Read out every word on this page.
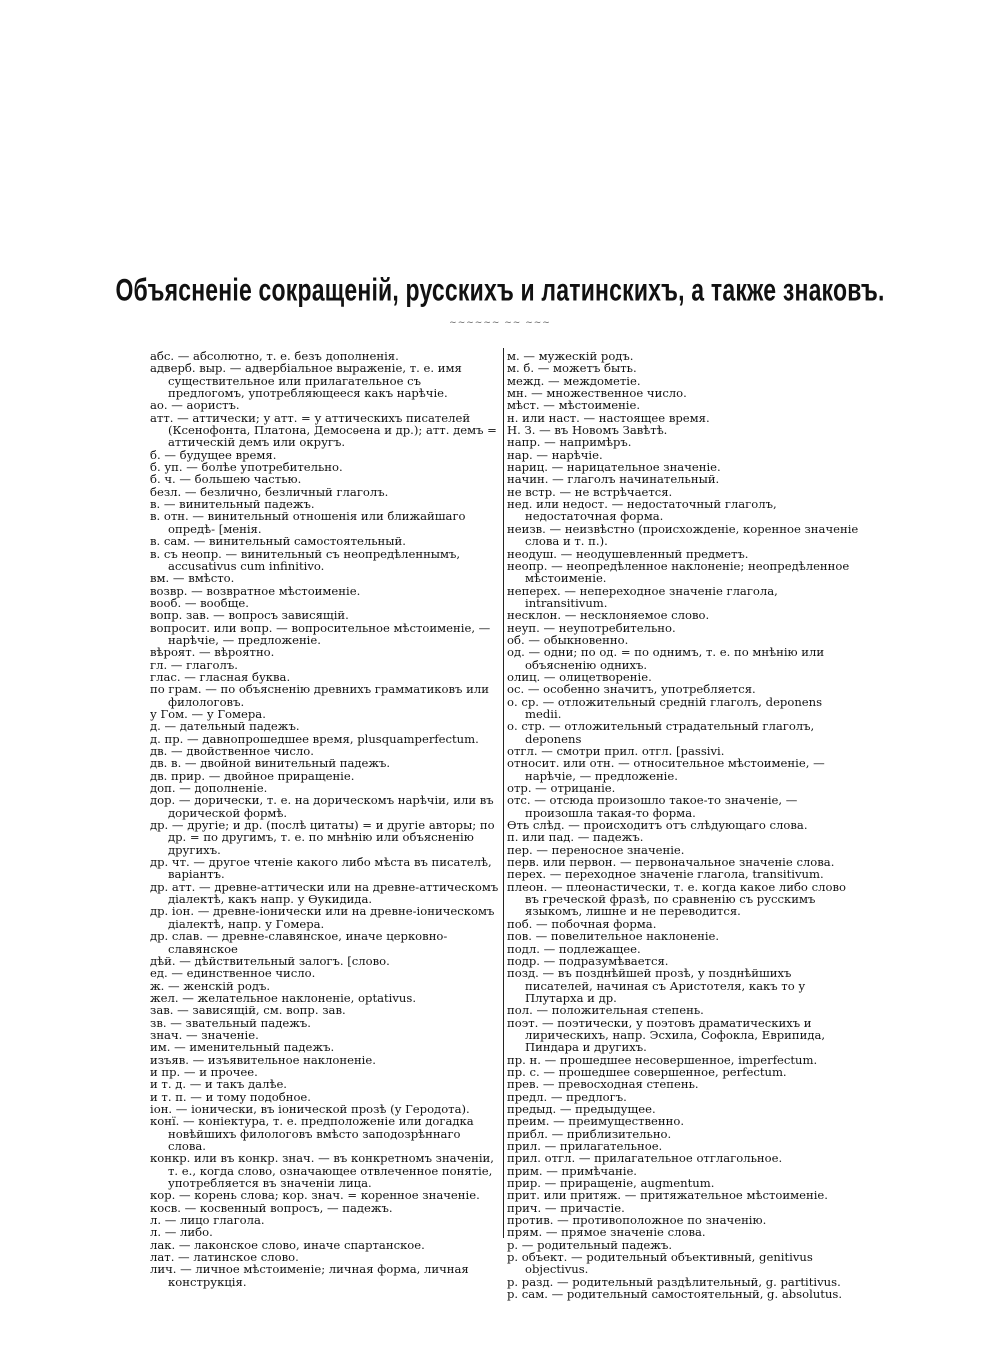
Объясненіе сокращеній, русскихъ и латинскихъ, а также знаковъ.
~~~~~~ ~~ ~~~
абс. — абсолютно, т. е. безъ дополненія.
адверб. выр. — адвербіальное выраженіе, т. е. имя существительное или прилагательное съ предлогомъ, употребляющееся какъ нарѣчіе.
ао. — аористъ.
атт. — аттически; у атт. = у аттическихъ писателей (Ксенофонта, Платона, Демосѳена и др.); атт. демъ = аттическій демъ или округъ.
б. — будущее время.
б. уп. — болѣе употребительно.
б. ч. — большею частью.
безл. — безлично, безличный глаголъ.
в. — винительный падежъ.
в. отн. — винительный отношенія или ближайшаго опредѣ- [менія.
в. сам. — винительный самостоятельный.
в. съ неопр. — винительный съ неопредѣленнымъ, accusativus cum infinitivo.
вм. — вмѣсто.
возвр. — возвратное мѣстоименіе.
вооб. — вообще.
вопр. зав. — вопросъ зависящій.
вопросит. или вопр. — вопросительное мѣстоименіе, — нарѣчіе, — предложеніе.
вѣроят. — вѣроятно.
гл. — глаголъ.
глас. — гласная буква.
по грам. — по объясненію древнихъ грамматиковъ или филологовъ.
у Гом. — у Гомера.
д. — дательный падежъ.
д. пр. — давнопрошедшее время, plusquamperfectum.
дв. — двойственное число.
дв. в. — двойной винительный падежъ.
дв. прир. — двойное приращеніе.
доп. — дополненіе.
дор. — дорически, т. е. на дорическомъ нарѣчіи, или въ дорической формѣ.
др. — другіе; и др. (послѣ цитаты) = и другіе авторы; по др. = по другимъ, т. е. по мнѣнію или объясненію другихъ.
др. чт. — другое чтеніе какого либо мѣста въ писателѣ, варіантъ.
др. атт. — древне-аттически или на древне-аттическомъ діалектѣ, какъ напр. у Ѳукидида.
др. іон. — древне-іонически или на древне-іоническомъ діалектѣ, напр. у Гомера.
др. слав. — древне-славянское, иначе церковно-славянское
дѣй. — дѣйствительный залогъ. [слово.
ед. — единственное число.
ж. — женскій родъ.
жел. — желательное наклоненіе, optativus.
зав. — зависящій, см. вопр. зав.
зв. — звательный падежъ.
знач. — значеніе.
им. — именительный падежъ.
изъяв. — изъявительное наклоненіе.
и пр. — и прочее.
и т. д. — и такъ далѣе.
и т. п. — и тому подобное.
іон. — іонически, въ іонической прозѣ (у Геродота).
конї. — коніектура, т. е. предположеніе или догадка новѣйшихъ филологовъ вмѣсто заподозрѣннаго слова.
конкр. или въ конкр. знач. — въ конкретномъ значеніи, т. е., когда слово, означающее отвлеченное понятіе, употребляется въ значеніи лица.
кор. — корень слова; кор. знач. = коренное значеніе.
косв. — косвенный вопросъ, — падежъ.
л. — лицо глагола.
л. — либо.
лак. — лаконское слово, иначе спартанское.
лат. — латинское слово.
лич. — личное мѣстоименіе; личная форма, личная конструкція.
м. — мужескій родъ.
м. б. — можетъ быть.
межд. — междометіе.
мн. — множественное число.
мѣст. — мѣстоименіе.
н. или наст. — настоящее время.
Н. З. — въ Новомъ Завѣтѣ.
напр. — напримѣръ.
нар. — нарѣчіе.
нариц. — нарицательное значеніе.
начин. — глаголъ начинательный.
не встр. — не встрѣчается.
нед. или недост. — недостаточный глаголъ, недостаточная форма.
неизв. — неизвѣстно (происхожденіе, коренное значеніе слова и т. п.).
неодуш. — неодушевленный предметъ.
неопр. — неопредѣленное наклоненіе; неопредѣленное мѣстоименіе.
неперех. — непереходное значеніе глагола, intransitivum.
несклон. — несклоняемое слово.
неуп. — неупотребительно.
об. — обыкновенно.
од. — одни; по од. = по однимъ, т. е. по мнѣнію или объясненію однихъ.
олиц. — олицетвореніе.
ос. — особенно значитъ, употребляется.
о. ср. — отложительный средній глаголъ, deponens medii.
о. стр. — отложительный страдательный глаголъ, deponens
отгл. — смотри прил. отгл. [passivi.
относит. или отн. — относительное мѣстоименіе, — нарѣчіе, — предложеніе.
отр. — отрицаніе.
отс. — отсюда произошло такое-то значеніе, — произошла такая-то форма.
Ѳть слѣд. — происходитъ отъ слѣдующаго слова.
п. или пад. — падежъ.
пер. — переносное значеніе.
перв. или первон. — первоначальное значеніе слова.
перех. — переходное значеніе глагола, transitivum.
плеон. — плеонастически, т. е. когда какое либо слово въ греческой фразѣ, по сравненію съ русскимъ языкомъ, лишне и не переводится.
поб. — побочная форма.
пов. — повелительное наклоненіе.
подл. — подлежащее.
подр. — подразумѣвается.
позд. — въ позднѣйшей прозѣ, у позднѣйшихъ писателей, начиная съ Аристотеля, какъ то у Плутарха и др.
пол. — положительная степень.
поэт. — поэтически, у поэтовъ драматическихъ и лирическихъ, напр. Эсхила, Софокла, Еврипида, Пиндара и другихъ.
пр. н. — прошедшее несовершенное, imperfectum.
пр. с. — прошедшее совершенное, perfectum.
прев. — превосходная степень.
предл. — предлогъ.
предыд. — предыдущее.
преим. — преимущественно.
прибл. — приблизительно.
прил. — прилагательное.
прил. отгл. — прилагательное отглагольное.
прим. — примѣчаніе.
прир. — приращеніе, augmentum.
прит. или притяж. — притяжательное мѣстоименіе.
прич. — причастіе.
против. — противоположное по значенію.
прям. — прямое значеніе слова.
р. — родительный падежъ.
р. объект. — родительный объективный, genitivus objectivus.
р. разд. — родительный раздѣлительный, g. partitivus.
р. сам. — родительный самостоятельный, g. absolutus.
